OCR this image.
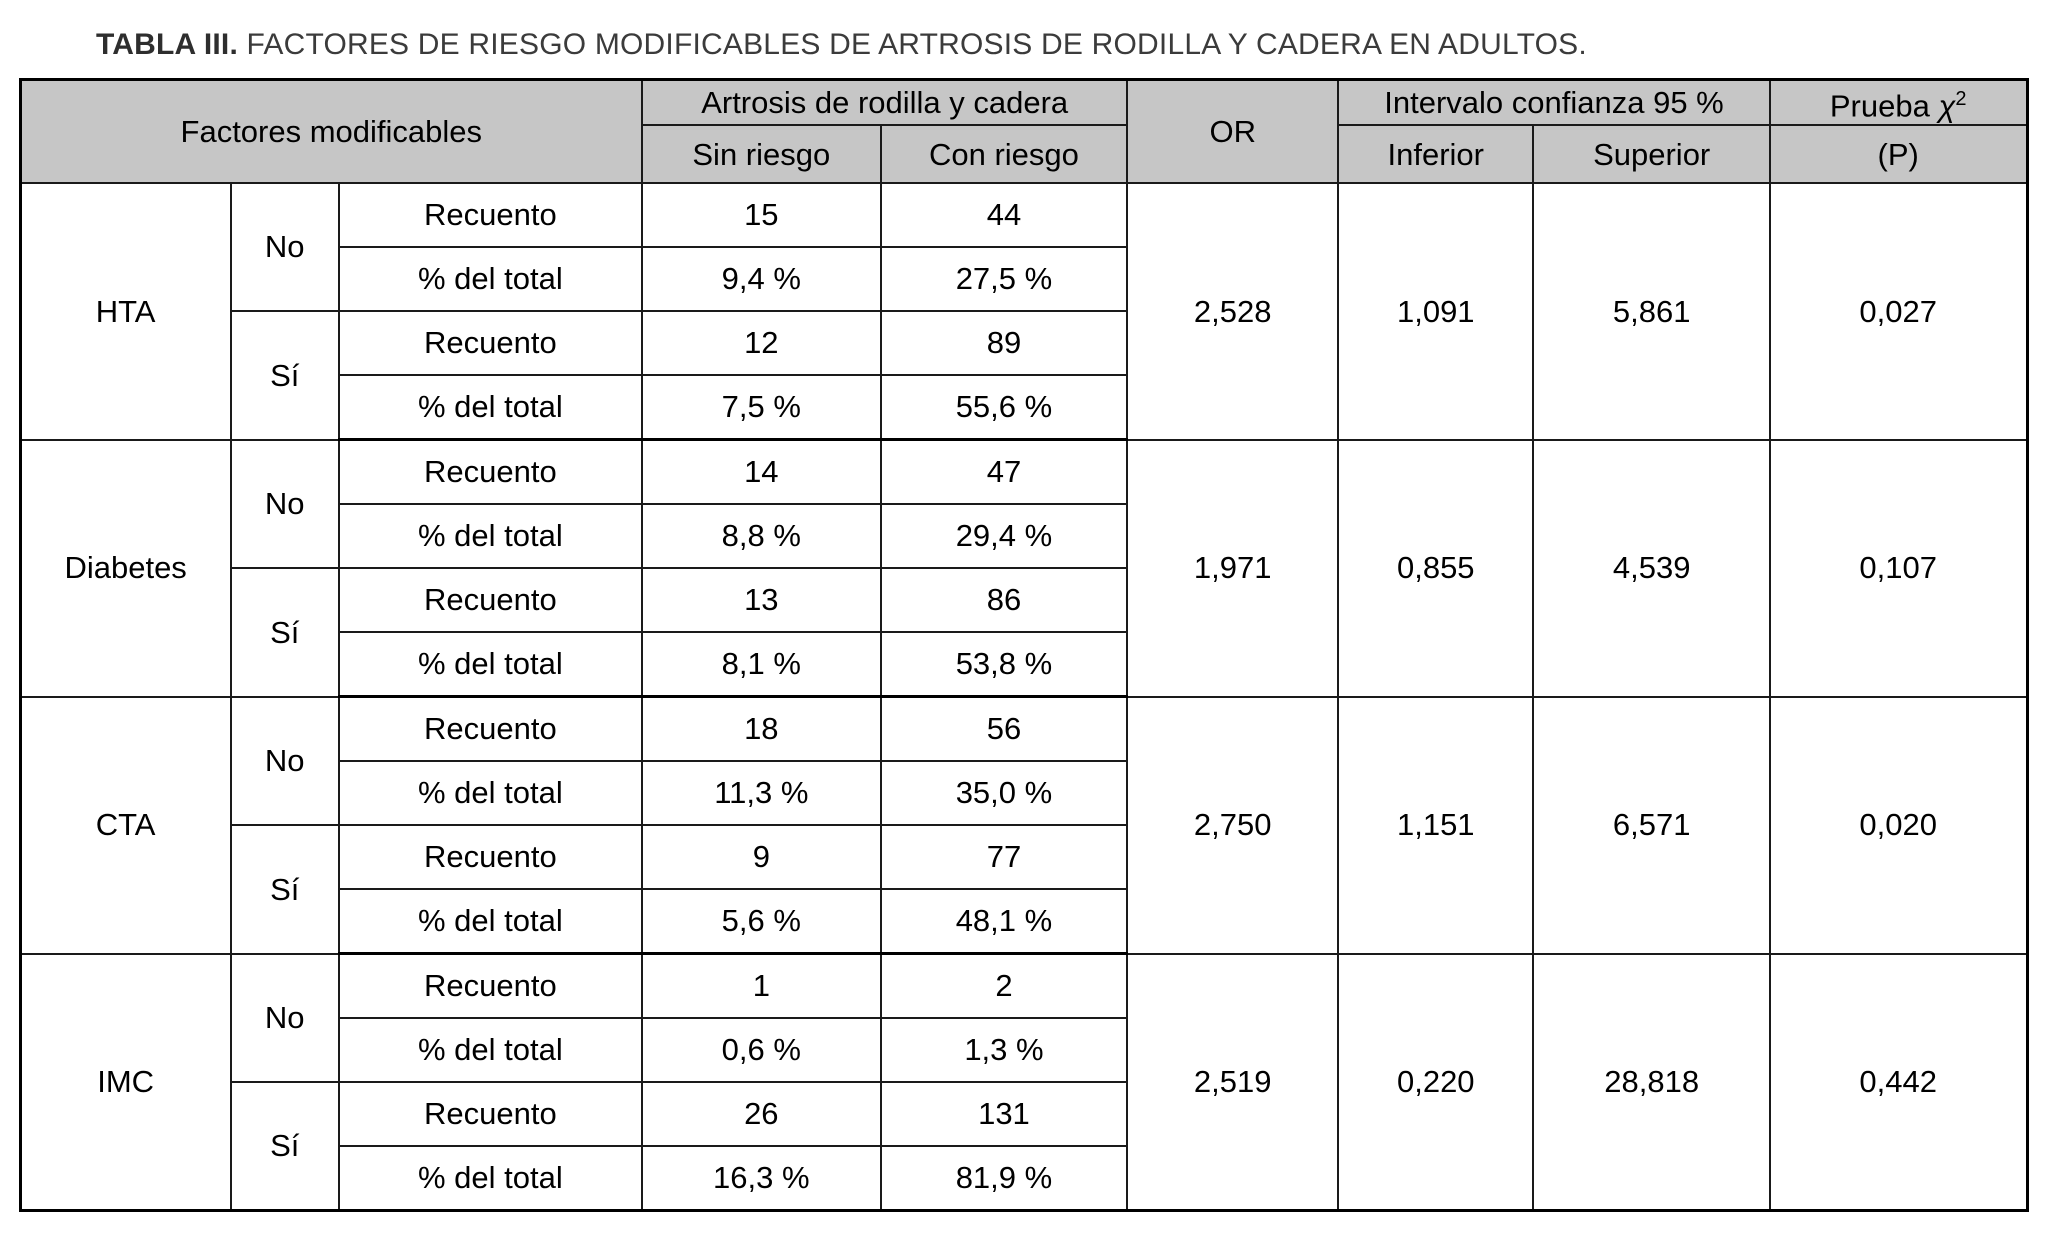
TABLA III. FACTORES DE RIESGO MODIFICABLES DE ARTROSIS DE RODILLA Y CADERA EN ADULTOS.
Factores modificables			Artrosis de rodilla y cadera		OR	Intervalo confianza 95 %		Prueba $\chi^2$
			Sin riesgo	Con riesgo		Inferior	Superior	(P)
HTA	No	Recuento	15	44	2,528	1,091	5,861	0,027
		% del total	9,4 %	27,5 %				
	Sí	Recuento	12	89				
		% del total	7,5 %	55,6 %				
Diabetes	No	Recuento	14	47	1,971	0,855	4,539	0,107
		% del total	8,8 %	29,4 %				
	Sí	Recuento	13	86				
		% del total	8,1 %	53,8 %				
CTA	No	Recuento	18	56	2,750	1,151	6,571	0,020
		% del total	11,3 %	35,0 %				
	Sí	Recuento	9	77				
		% del total	5,6 %	48,1 %				
IMC	No	Recuento	1	2	2,519	0,220	28,818	0,442
		% del total	0,6 %	1,3 %				
	Sí	Recuento	26	131				
		% del total	16,3 %	81,9 %				
